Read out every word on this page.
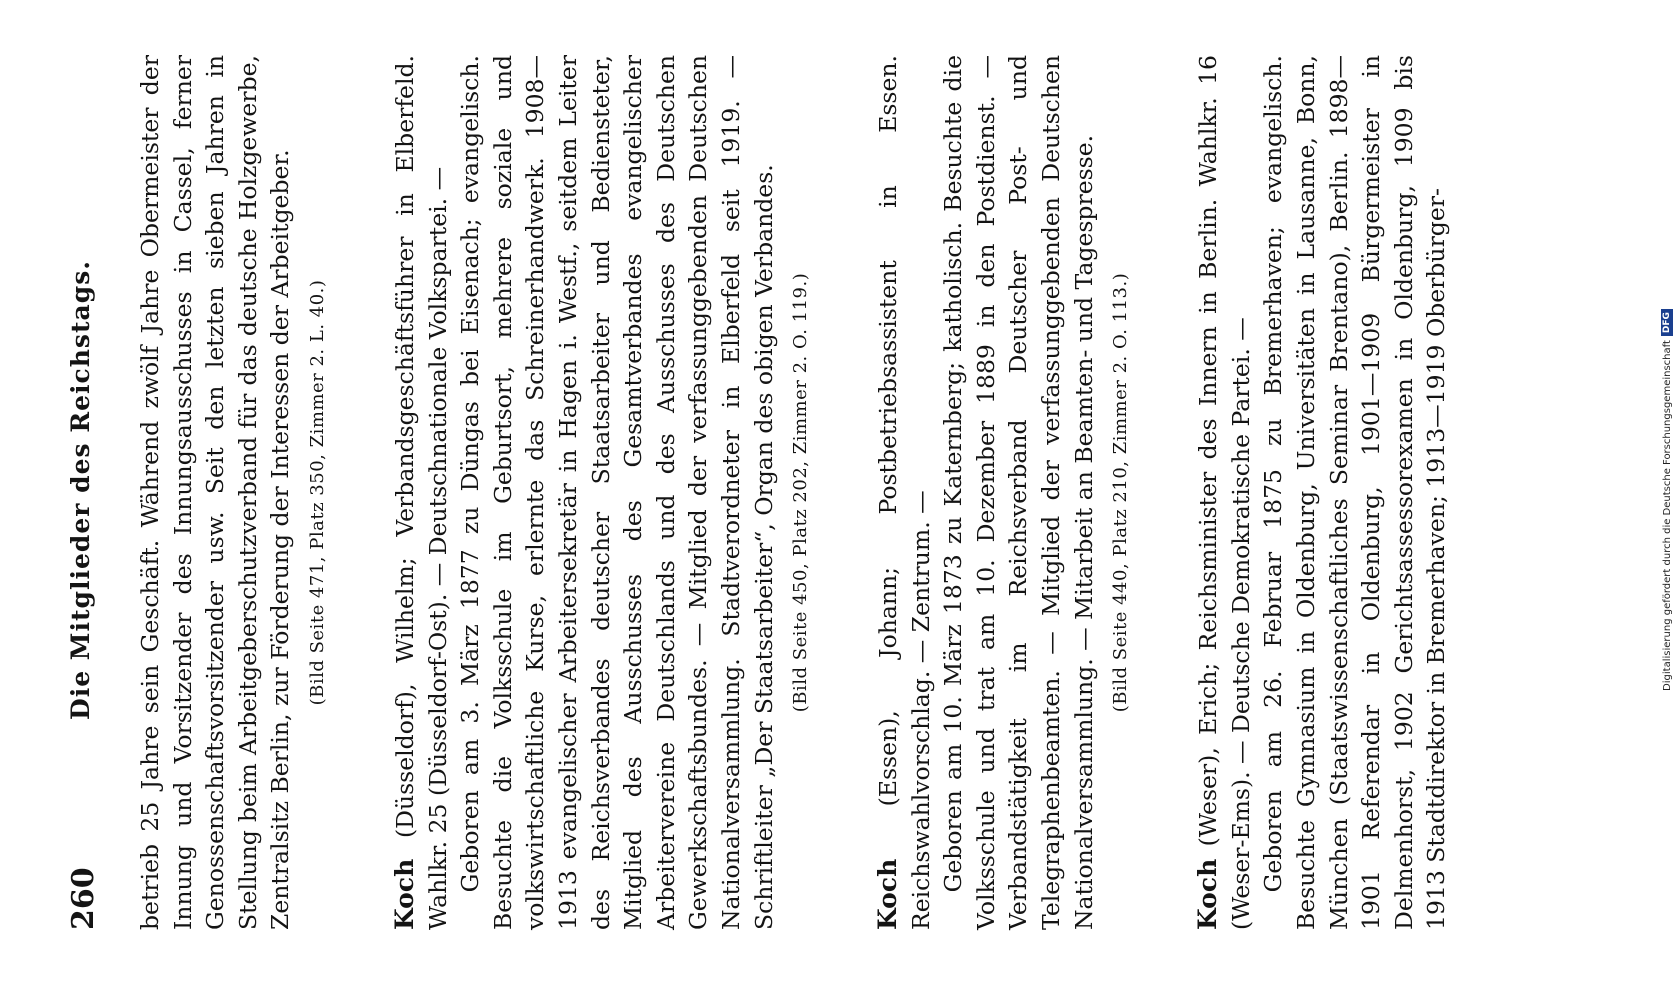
260
Die Mitglieder des Reichstags. betrieb 25 Jahre sein Geschäft. Während zwölf Jahre Obermeister der Innung und Vorsitzender des Innungsausschusses in Cassel, ferner Genossenschaftsvorsitzender usw. Seit den letzten sieben Jahren in Stellung beim Arbeitgeberschutzverband für das deutsche Holzgewerbe, Zentralsitz Berlin, zur Förderung der Interessen der Arbeitgeber. (Bild Seite 471, Platz 350, Zimmer 2. L. 40.)

Koch (Düsseldorf), Wilhelm; Verbandsgeschäftsführer in Elberfeld. Wahlkr. 25 (Düsseldorf-Ost). — Deutschnationale Volkspartei. — Geboren am 3. März 1877 zu Düngas bei Eisenach; evangelisch. Besuchte die Volksschule im Geburtsort, mehrere soziale und volkswirtschaftliche Kurse, erlernte das Schreinerhandwerk. 1908—1913 evangelischer Arbeitersekretär in Hagen i. Westf., seitdem Leiter des Reichsverbandes deutscher Staatsarbeiter und Bediensteter, Mitglied des Ausschusses des Gesamtverbandes evangelischer Arbeitervereine Deutschlands und des Ausschusses des Deutschen Gewerkschaftsbundes. — Mitglied der verfassunggebenden Deutschen Nationalversammlung. Stadtverordneter in Elberfeld seit 1919. — Schriftleiter „Der Staatsarbeiter“, Organ des obigen Verbandes. (Bild Seite 450, Platz 202, Zimmer 2. O. 119.)

Koch (Essen), Johann; Postbetriebsassistent in Essen. Reichswahlvorschlag. — Zentrum. — Geboren am 10. März 1873 zu Katernberg; katholisch. Besuchte die Volksschule und trat am 10. Dezember 1889 in den Postdienst. — Verbandstätigkeit im Reichsverband Deutscher Post- und Telegraphenbeamten. — Mitglied der verfassunggebenden Deutschen Nationalversammlung. — Mitarbeit an Beamten- und Tagespresse. (Bild Seite 440, Platz 210, Zimmer 2. O. 113.)

Koch (Weser), Erich; Reichsminister des Innern in Berlin. Wahlkr. 16 (Weser-Ems). — Deutsche Demokratische Partei. — Geboren am 26. Februar 1875 zu Bremerhaven; evangelisch. Besuchte Gymnasium in Oldenburg, Universitäten in Lausanne, Bonn, München (Staatswissenschaftliches Seminar Brentano), Berlin. 1898—1901 Referendar in Oldenburg, 1901—1909 Bürgermeister in Delmenhorst, 1902 Gerichtsassessorexamen in Oldenburg, 1909 bis 1913 Stadtdirektor in Bremerhaven; 1913—1919 Oberbürger-	Digitalisierung gefördert durch die Deutsche ForschungsgemeinschaftDFG
